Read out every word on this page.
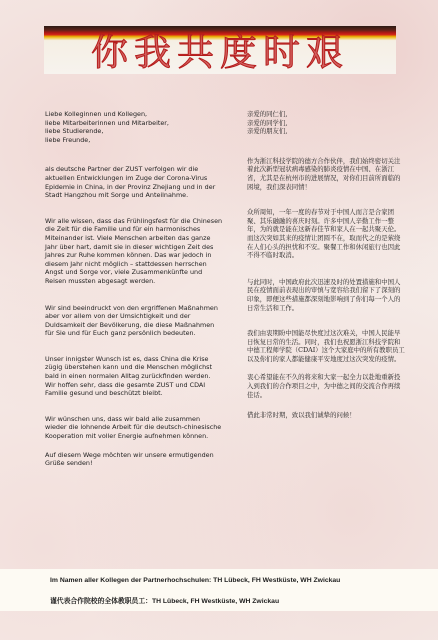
你我共度时艰

Liebe Kolleginnen und Kollegen,

liebe Mitarbeiterinnen und Mitarbeiter,

liebe Studierende,

liebe Freunde,

als deutsche Partner der ZUST verfolgen wir die aktuellen Entwicklungen im Zuge der Corona-Virus Epidemie in China, in der Provinz Zhejiang und in der Stadt Hangzhou mit Sorge und Anteilnahme.

Wir alle wissen, dass das Frühlingsfest für die Chinesen die Zeit für die Familie und für ein harmonisches Miteinander ist. Viele Menschen arbeiten das ganze Jahr über hart, damit sie in dieser wichtigen Zeit des Jahres zur Ruhe kommen können. Das war jedoch in diesem Jahr nicht möglich – stattdessen herrschen Angst und Sorge vor, viele Zusammenkünfte und Reisen mussten abgesagt werden.

Wir sind beeindruckt von den ergriffenen Maßnahmen aber vor allem von der Umsichtigkeit und der Duldsamkeit der Bevölkerung, die diese Maßnahmen für Sie und für Euch ganz persönlich bedeuten.

Unser innigster Wunsch ist es, dass China die Krise zügig überstehen kann und die Menschen möglichst bald in einen normalen Alltag zurückfinden werden. Wir hoffen sehr, dass die gesamte ZUST und CDAI Familie gesund und beschützt bleibt.

Wir wünschen uns, dass wir bald alle zusammen wieder die lohnende Arbeit für die deutsch-chinesische Kooperation mit voller Energie aufnehmen können.

Auf diesem Wege möchten wir unsere ermutigenden Grüße senden!

亲爱的同仁们,

亲爱的同学们,

亲爱的朋友们,

作为浙江科技学院的德方合作伙伴，我们始终密切关注着此次新型冠状病毒感染的肺炎疫情在中国、在浙江省，尤其是在杭州市的进展情况，对你们目前所面临的困境，我们深表同情！

众所周知，一年一度的春节对于中国人而言是合家团聚、其乐融融的喜庆时刻。许多中国人辛勤工作一整年，为的就是能在这新春佳节和家人在一起共聚天伦。而这次突如其来的疫情让团圆不在，取而代之的是萦绕在人们心头的担忧和不安。聚餐工作和休闲旅行也因此不得不临时取消。

与此同时，中国政府此次迅速及时的处置措施和中国人民在疫情面前表现出的审慎与宽容给我们留下了深刻的印象，即便这些措施都深刻地影响到了你们每一个人的日常生活和工作。

我们由衷期盼中国能尽快度过这次难关，中国人民能早日恢复日常的生活。同时，我们也祝愿浙江科技学院和中德工程师学院（CDAI）这个大家庭中的所有教职员工以及你们的家人都能健康平安地度过这次突发的疫情。

衷心希望能在不久的将来和大家一起全力以赴地重新投入到我们的合作项目之中，为中德之间的交流合作再续佳话。

借此非常时期，致以我们诚挚的问候！

Im Namen aller Kollegen der Partnerhochschulen: TH Lübeck, FH Westküste, WH Zwickau
谨代表合作院校的全体教职员工：TH Lübeck, FH Westküste, WH Zwickau
